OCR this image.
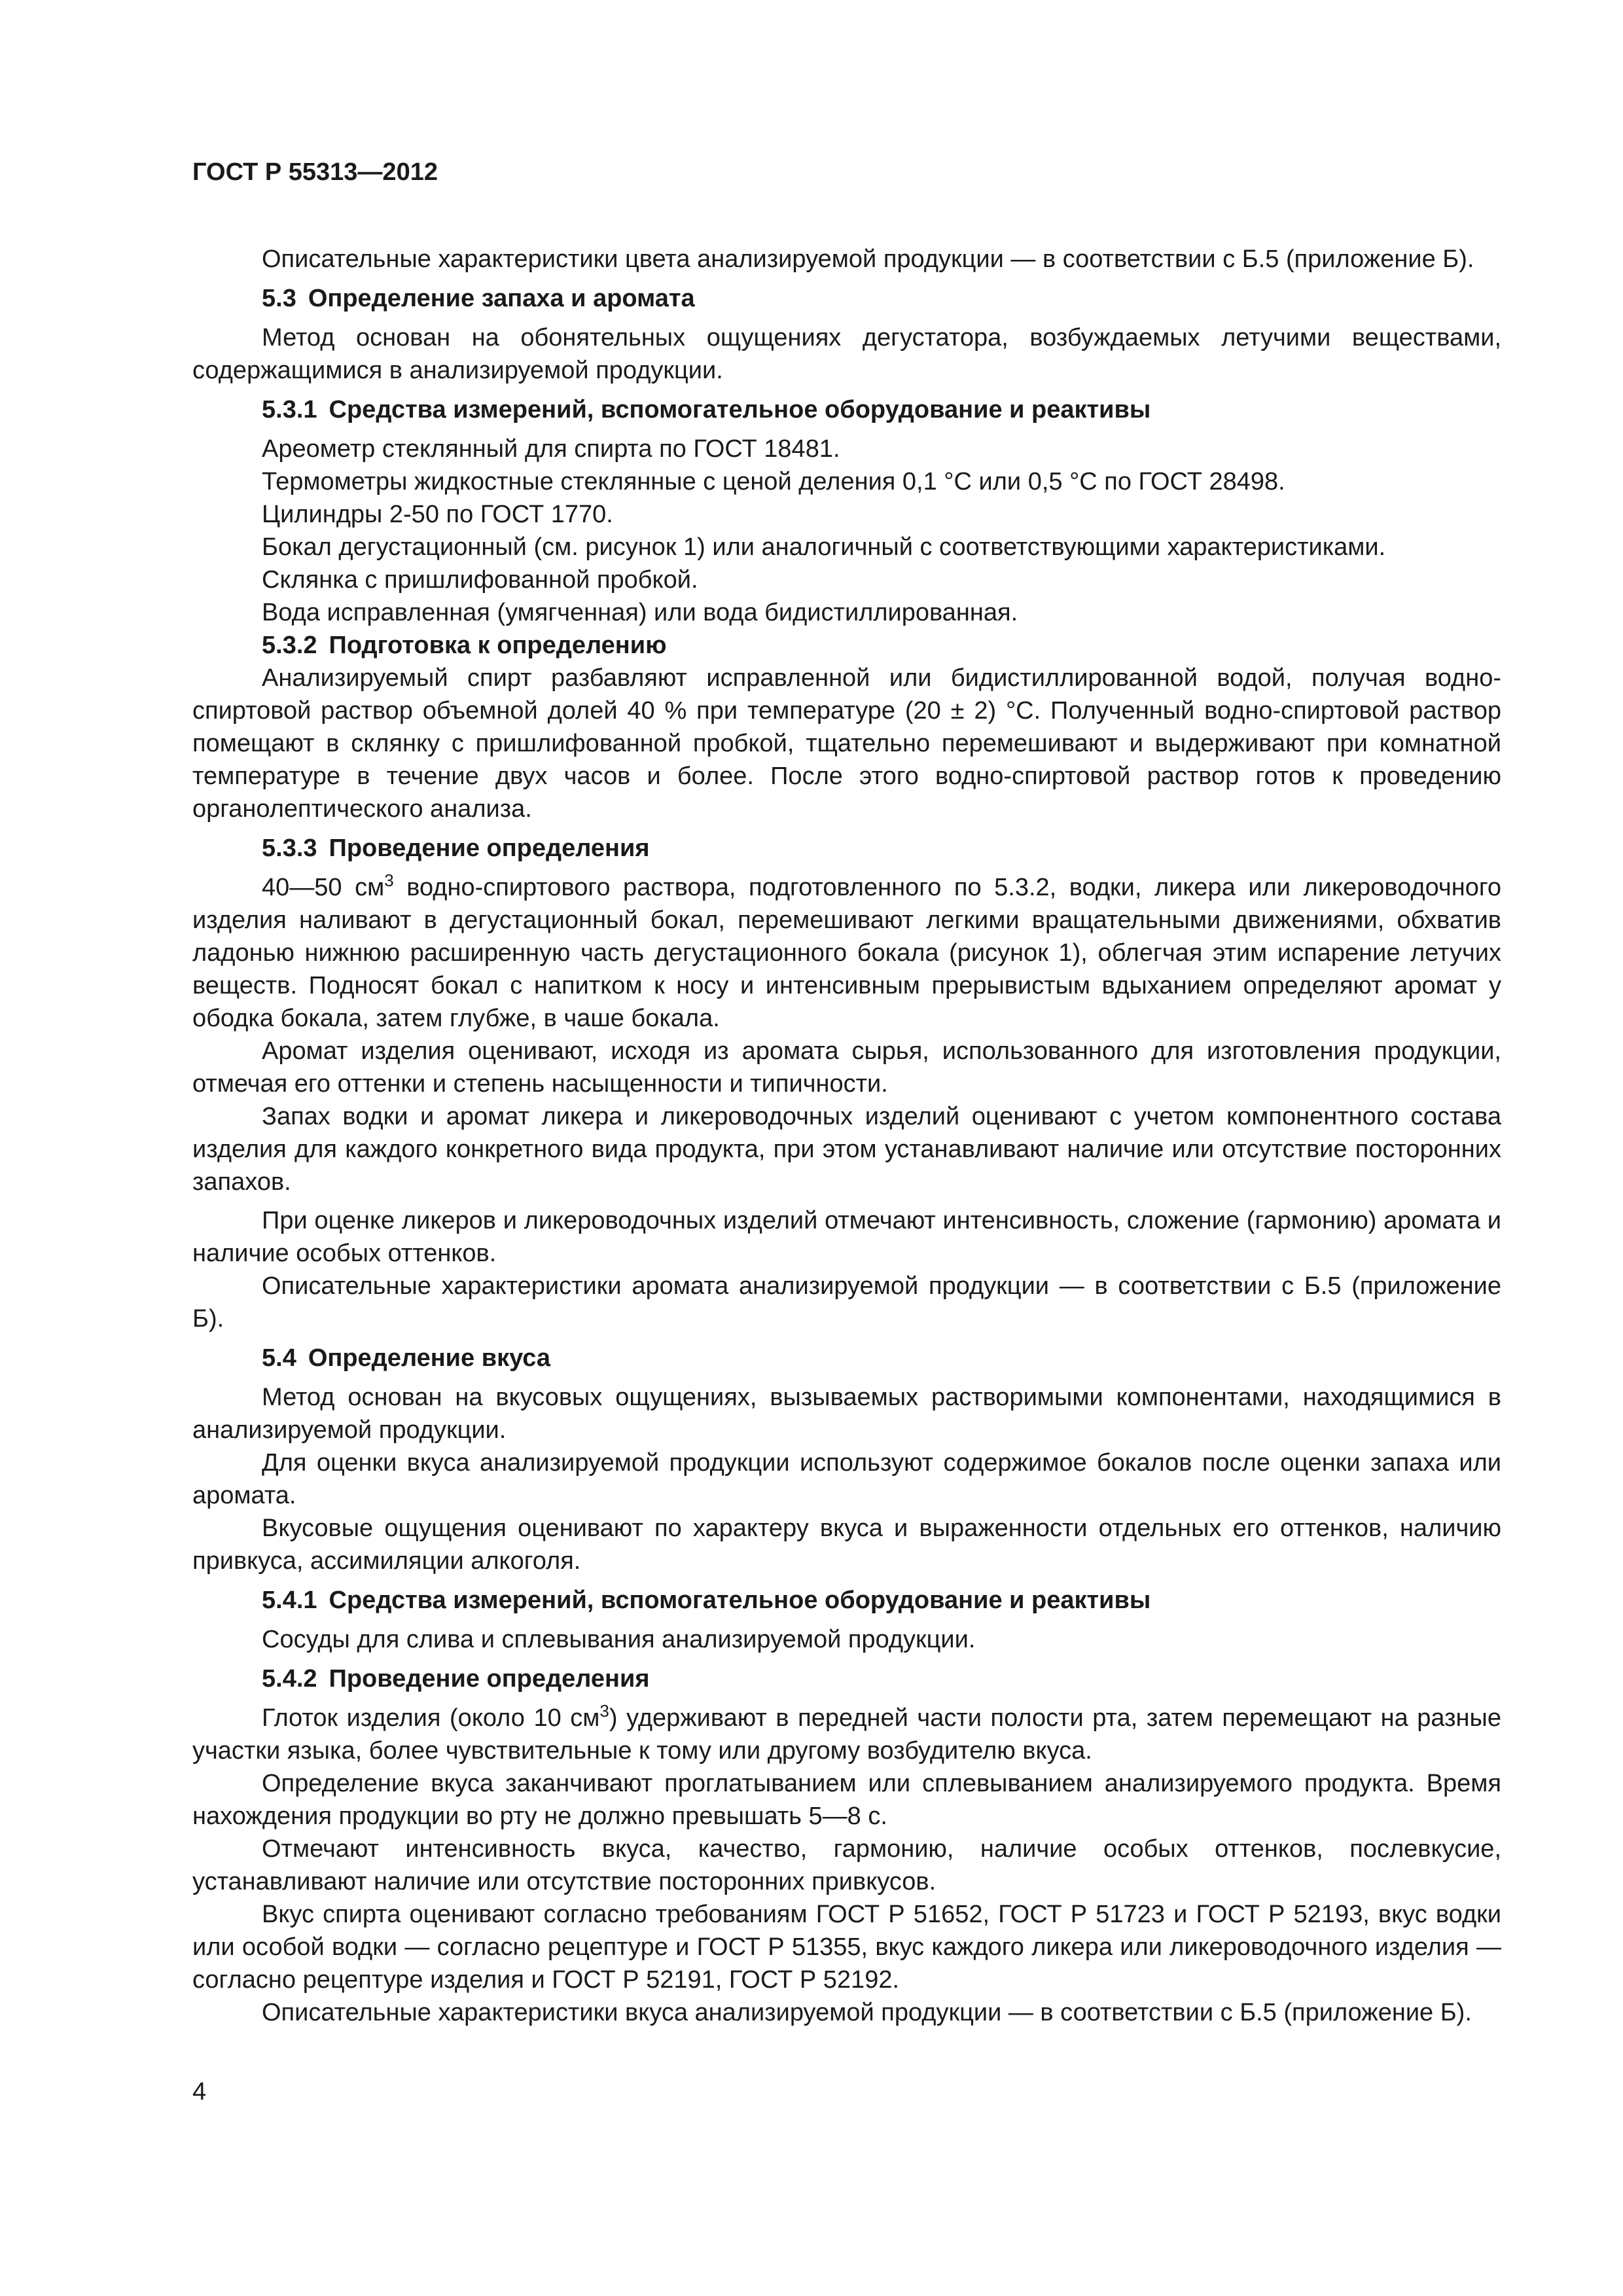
ГОСТ Р 55313—2012

Описательные характеристики цвета анализируемой продукции — в соответствии с Б.5 (приложение Б).

5.3 Определение запаха и аромата

Метод основан на обонятельных ощущениях дегустатора, возбуждаемых летучими веществами, содержащимися в анализируемой продукции.

5.3.1 Средства измерений, вспомогательное оборудование и реактивы

Ареометр стеклянный для спирта по ГОСТ 18481.

Термометры жидкостные стеклянные с ценой деления 0,1 °С или 0,5 °С по ГОСТ 28498.

Цилиндры 2-50 по ГОСТ 1770.

Бокал дегустационный (см. рисунок 1) или аналогичный с соответствующими характеристиками.

Склянка с пришлифованной пробкой.

Вода исправленная (умягченная) или вода бидистиллированная.

5.3.2 Подготовка к определению

Анализируемый спирт разбавляют исправленной или бидистиллированной водой, получая водно-спиртовой раствор объемной долей 40 % при температуре (20 ± 2) °С. Полученный водно-спиртовой раствор помещают в склянку с пришлифованной пробкой, тщательно перемешивают и выдерживают при комнатной температуре в течение двух часов и более. После этого водно-спиртовой раствор готов к проведению органолептического анализа.

5.3.3 Проведение определения

40—50 $см^3$ водно-спиртового раствора, подготовленного по 5.3.2, водки, ликера или ликероводочного изделия наливают в дегустационный бокал, перемешивают легкими вращательными движениями, обхватив ладонью нижнюю расширенную часть дегустационного бокала (рисунок 1), облегчая этим испарение летучих веществ. Подносят бокал с напитком к носу и интенсивным прерывистым вдыханием определяют аромат у ободка бокала, затем глубже, в чаше бокала.

Аромат изделия оценивают, исходя из аромата сырья, использованного для изготовления продукции, отмечая его оттенки и степень насыщенности и типичности.

Запах водки и аромат ликера и ликероводочных изделий оценивают с учетом компонентного состава изделия для каждого конкретного вида продукта, при этом устанавливают наличие или отсутствие посторонних запахов.

При оценке ликеров и ликероводочных изделий отмечают интенсивность, сложение (гармонию) аромата и наличие особых оттенков.

Описательные характеристики аромата анализируемой продукции — в соответствии с Б.5 (приложение Б).

5.4 Определение вкуса

Метод основан на вкусовых ощущениях, вызываемых растворимыми компонентами, находящимися в анализируемой продукции.

Для оценки вкуса анализируемой продукции используют содержимое бокалов после оценки запаха или аромата.

Вкусовые ощущения оценивают по характеру вкуса и выраженности отдельных его оттенков, наличию привкуса, ассимиляции алкоголя.

5.4.1 Средства измерений, вспомогательное оборудование и реактивы

Сосуды для слива и сплевывания анализируемой продукции.

5.4.2 Проведение определения

Глоток изделия (около 10 $см^3$) удерживают в передней части полости рта, затем перемещают на разные участки языка, более чувствительные к тому или другому возбудителю вкуса.

Определение вкуса заканчивают проглатыванием или сплевыванием анализируемого продукта. Время нахождения продукции во рту не должно превышать 5—8 с.

Отмечают интенсивность вкуса, качество, гармонию, наличие особых оттенков, послевкусие, устанавливают наличие или отсутствие посторонних привкусов.

Вкус спирта оценивают согласно требованиям ГОСТ Р 51652, ГОСТ Р 51723 и ГОСТ Р 52193, вкус водки или особой водки — согласно рецептуре и ГОСТ Р 51355, вкус каждого ликера или ликероводочного изделия — согласно рецептуре изделия и ГОСТ Р 52191, ГОСТ Р 52192.

Описательные характеристики вкуса анализируемой продукции — в соответствии с Б.5 (приложение Б).

4
